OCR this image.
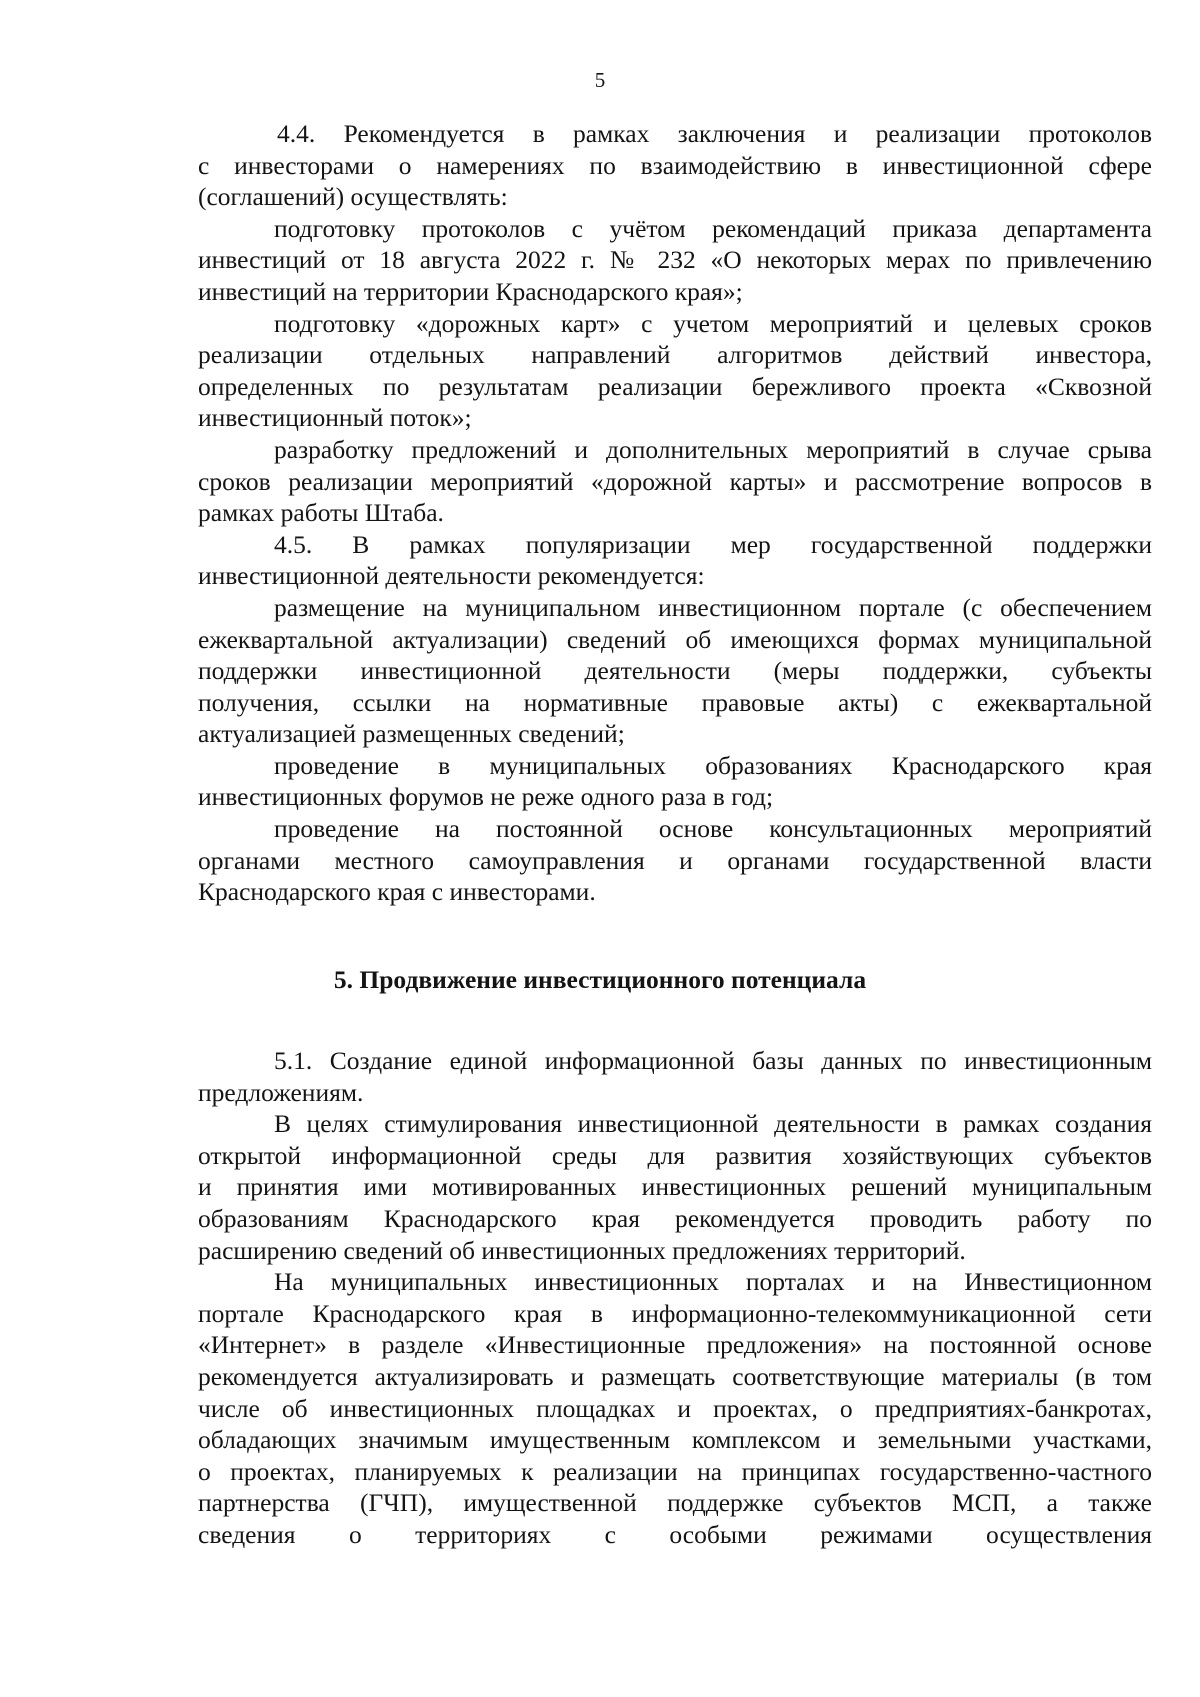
5
4.4. Рекомендуется в рамках заключения и реализации протоколов
с инвесторами о намерениях по взаимодействию в инвестиционной сфере
(соглашений) осуществлять:
подготовку протоколов с учётом рекомендаций приказа департамента
инвестиций от 18 августа 2022 г. № 232 «О некоторых мерах по привлечению
инвестиций на территории Краснодарского края»;
подготовку «дорожных карт» с учетом мероприятий и целевых сроков
реализации отдельных направлений алгоритмов действий инвестора,
определенных по результатам реализации бережливого проекта «Сквозной
инвестиционный поток»;
разработку предложений и дополнительных мероприятий в случае срыва
сроков реализации мероприятий «дорожной карты» и рассмотрение вопросов в
рамках работы Штаба.
4.5. В рамках популяризации мер государственной поддержки
инвестиционной деятельности рекомендуется:
размещение на муниципальном инвестиционном портале (с обеспечением
ежеквартальной актуализации) сведений об имеющихся формах муниципальной
поддержки инвестиционной деятельности (меры поддержки, субъекты
получения, ссылки на нормативные правовые акты) с ежеквартальной
актуализацией размещенных сведений;
проведение в муниципальных образованиях Краснодарского края
инвестиционных форумов не реже одного раза в год;
проведение на постоянной основе консультационных мероприятий
органами местного самоуправления и органами государственной власти
Краснодарского края с инвесторами.
5. Продвижение инвестиционного потенциала
5.1. Создание единой информационной базы данных по инвестиционным
предложениям.
В целях стимулирования инвестиционной деятельности в рамках создания
открытой информационной среды для развития хозяйствующих субъектов
и принятия ими мотивированных инвестиционных решений муниципальным
образованиям Краснодарского края рекомендуется проводить работу по
расширению сведений об инвестиционных предложениях территорий.
На муниципальных инвестиционных порталах и на Инвестиционном
портале Краснодарского края в информационно-телекоммуникационной сети
«Интернет» в разделе «Инвестиционные предложения» на постоянной основе
рекомендуется актуализировать и размещать соответствующие материалы (в том
числе об инвестиционных площадках и проектах, о предприятиях-банкротах,
обладающих значимым имущественным комплексом и земельными участками,
о проектах, планируемых к реализации на принципах государственно-частного
партнерства (ГЧП), имущественной поддержке субъектов МСП, а также
сведения о территориях с особыми режимами осуществления
